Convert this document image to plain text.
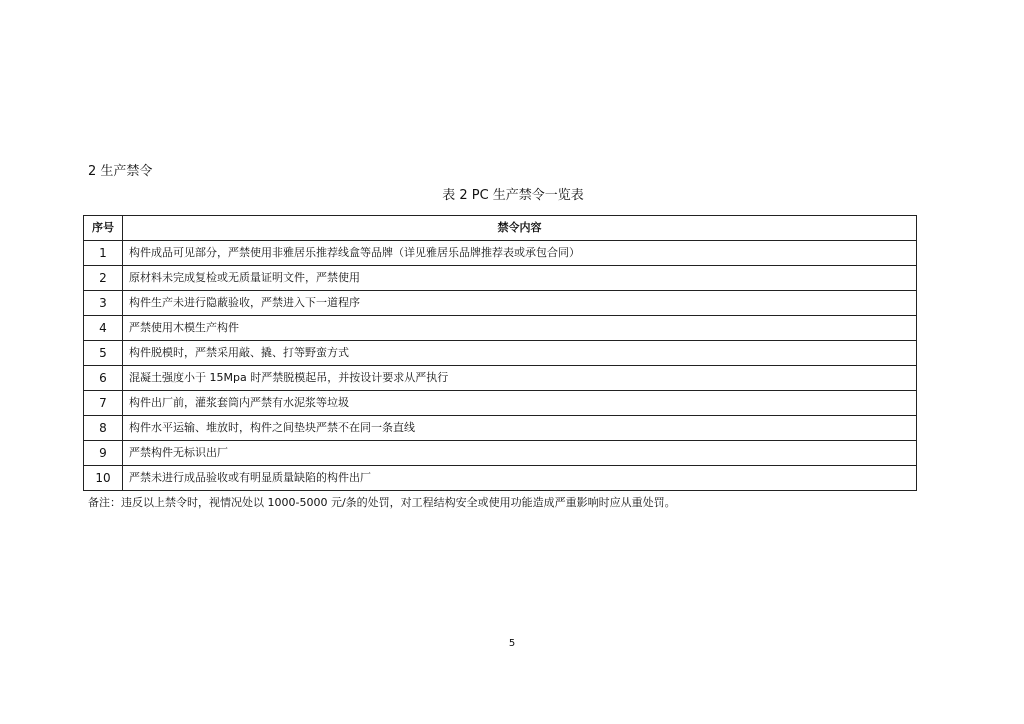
2 生产禁令
表 2 PC 生产禁令一览表
序号	禁令内容
1	构件成品可见部分，严禁使用非雅居乐推荐线盒等品牌（详见雅居乐品牌推荐表或承包合同）
2	原材料未完成复检或无质量证明文件，严禁使用
3	构件生产未进行隐蔽验收，严禁进入下一道程序
4	严禁使用木模生产构件
5	构件脱模时，严禁采用敲、撬、打等野蛮方式
6	混凝土强度小于 15Mpa 时严禁脱模起吊，并按设计要求从严执行
7	构件出厂前，灌浆套筒内严禁有水泥浆等垃圾
8	构件水平运输、堆放时，构件之间垫块严禁不在同一条直线
9	严禁构件无标识出厂
10	严禁未进行成品验收或有明显质量缺陷的构件出厂
备注：违反以上禁令时，视情况处以 1000-5000 元/条的处罚，对工程结构安全或使用功能造成严重影响时应从重处罚。
5
